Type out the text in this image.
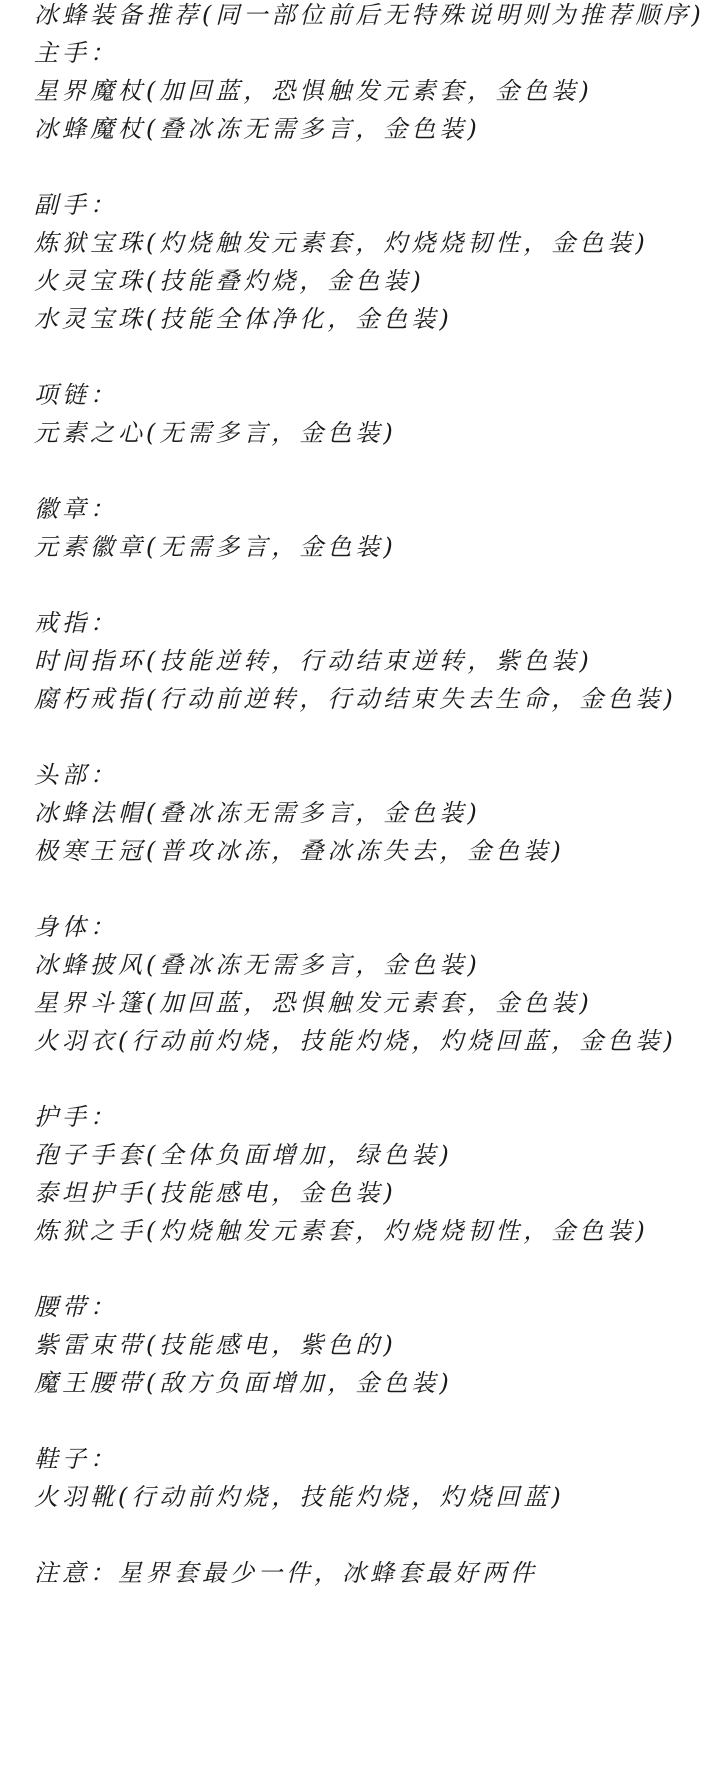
冰蜂装备推荐(同一部位前后无特殊说明则为推荐顺序)
主手：
星界魔杖(加回蓝，恐惧触发元素套，金色装)
冰蜂魔杖(叠冰冻无需多言，金色装)
副手：
炼狱宝珠(灼烧触发元素套，灼烧烧韧性，金色装)
火灵宝珠(技能叠灼烧，金色装)
水灵宝珠(技能全体净化，金色装)
项链：
元素之心(无需多言，金色装)
徽章：
元素徽章(无需多言，金色装)
戒指：
时间指环(技能逆转，行动结束逆转，紫色装)
腐朽戒指(行动前逆转，行动结束失去生命，金色装)
头部：
冰蜂法帽(叠冰冻无需多言，金色装)
极寒王冠(普攻冰冻，叠冰冻失去，金色装)
身体：
冰蜂披风(叠冰冻无需多言，金色装)
星界斗篷(加回蓝，恐惧触发元素套，金色装)
火羽衣(行动前灼烧，技能灼烧，灼烧回蓝，金色装)
护手：
孢子手套(全体负面增加，绿色装)
泰坦护手(技能感电，金色装)
炼狱之手(灼烧触发元素套，灼烧烧韧性，金色装)
腰带：
紫雷束带(技能感电，紫色的)
魔王腰带(敌方负面增加，金色装)
鞋子：
火羽靴(行动前灼烧，技能灼烧，灼烧回蓝)
注意：星界套最少一件，冰蜂套最好两件
